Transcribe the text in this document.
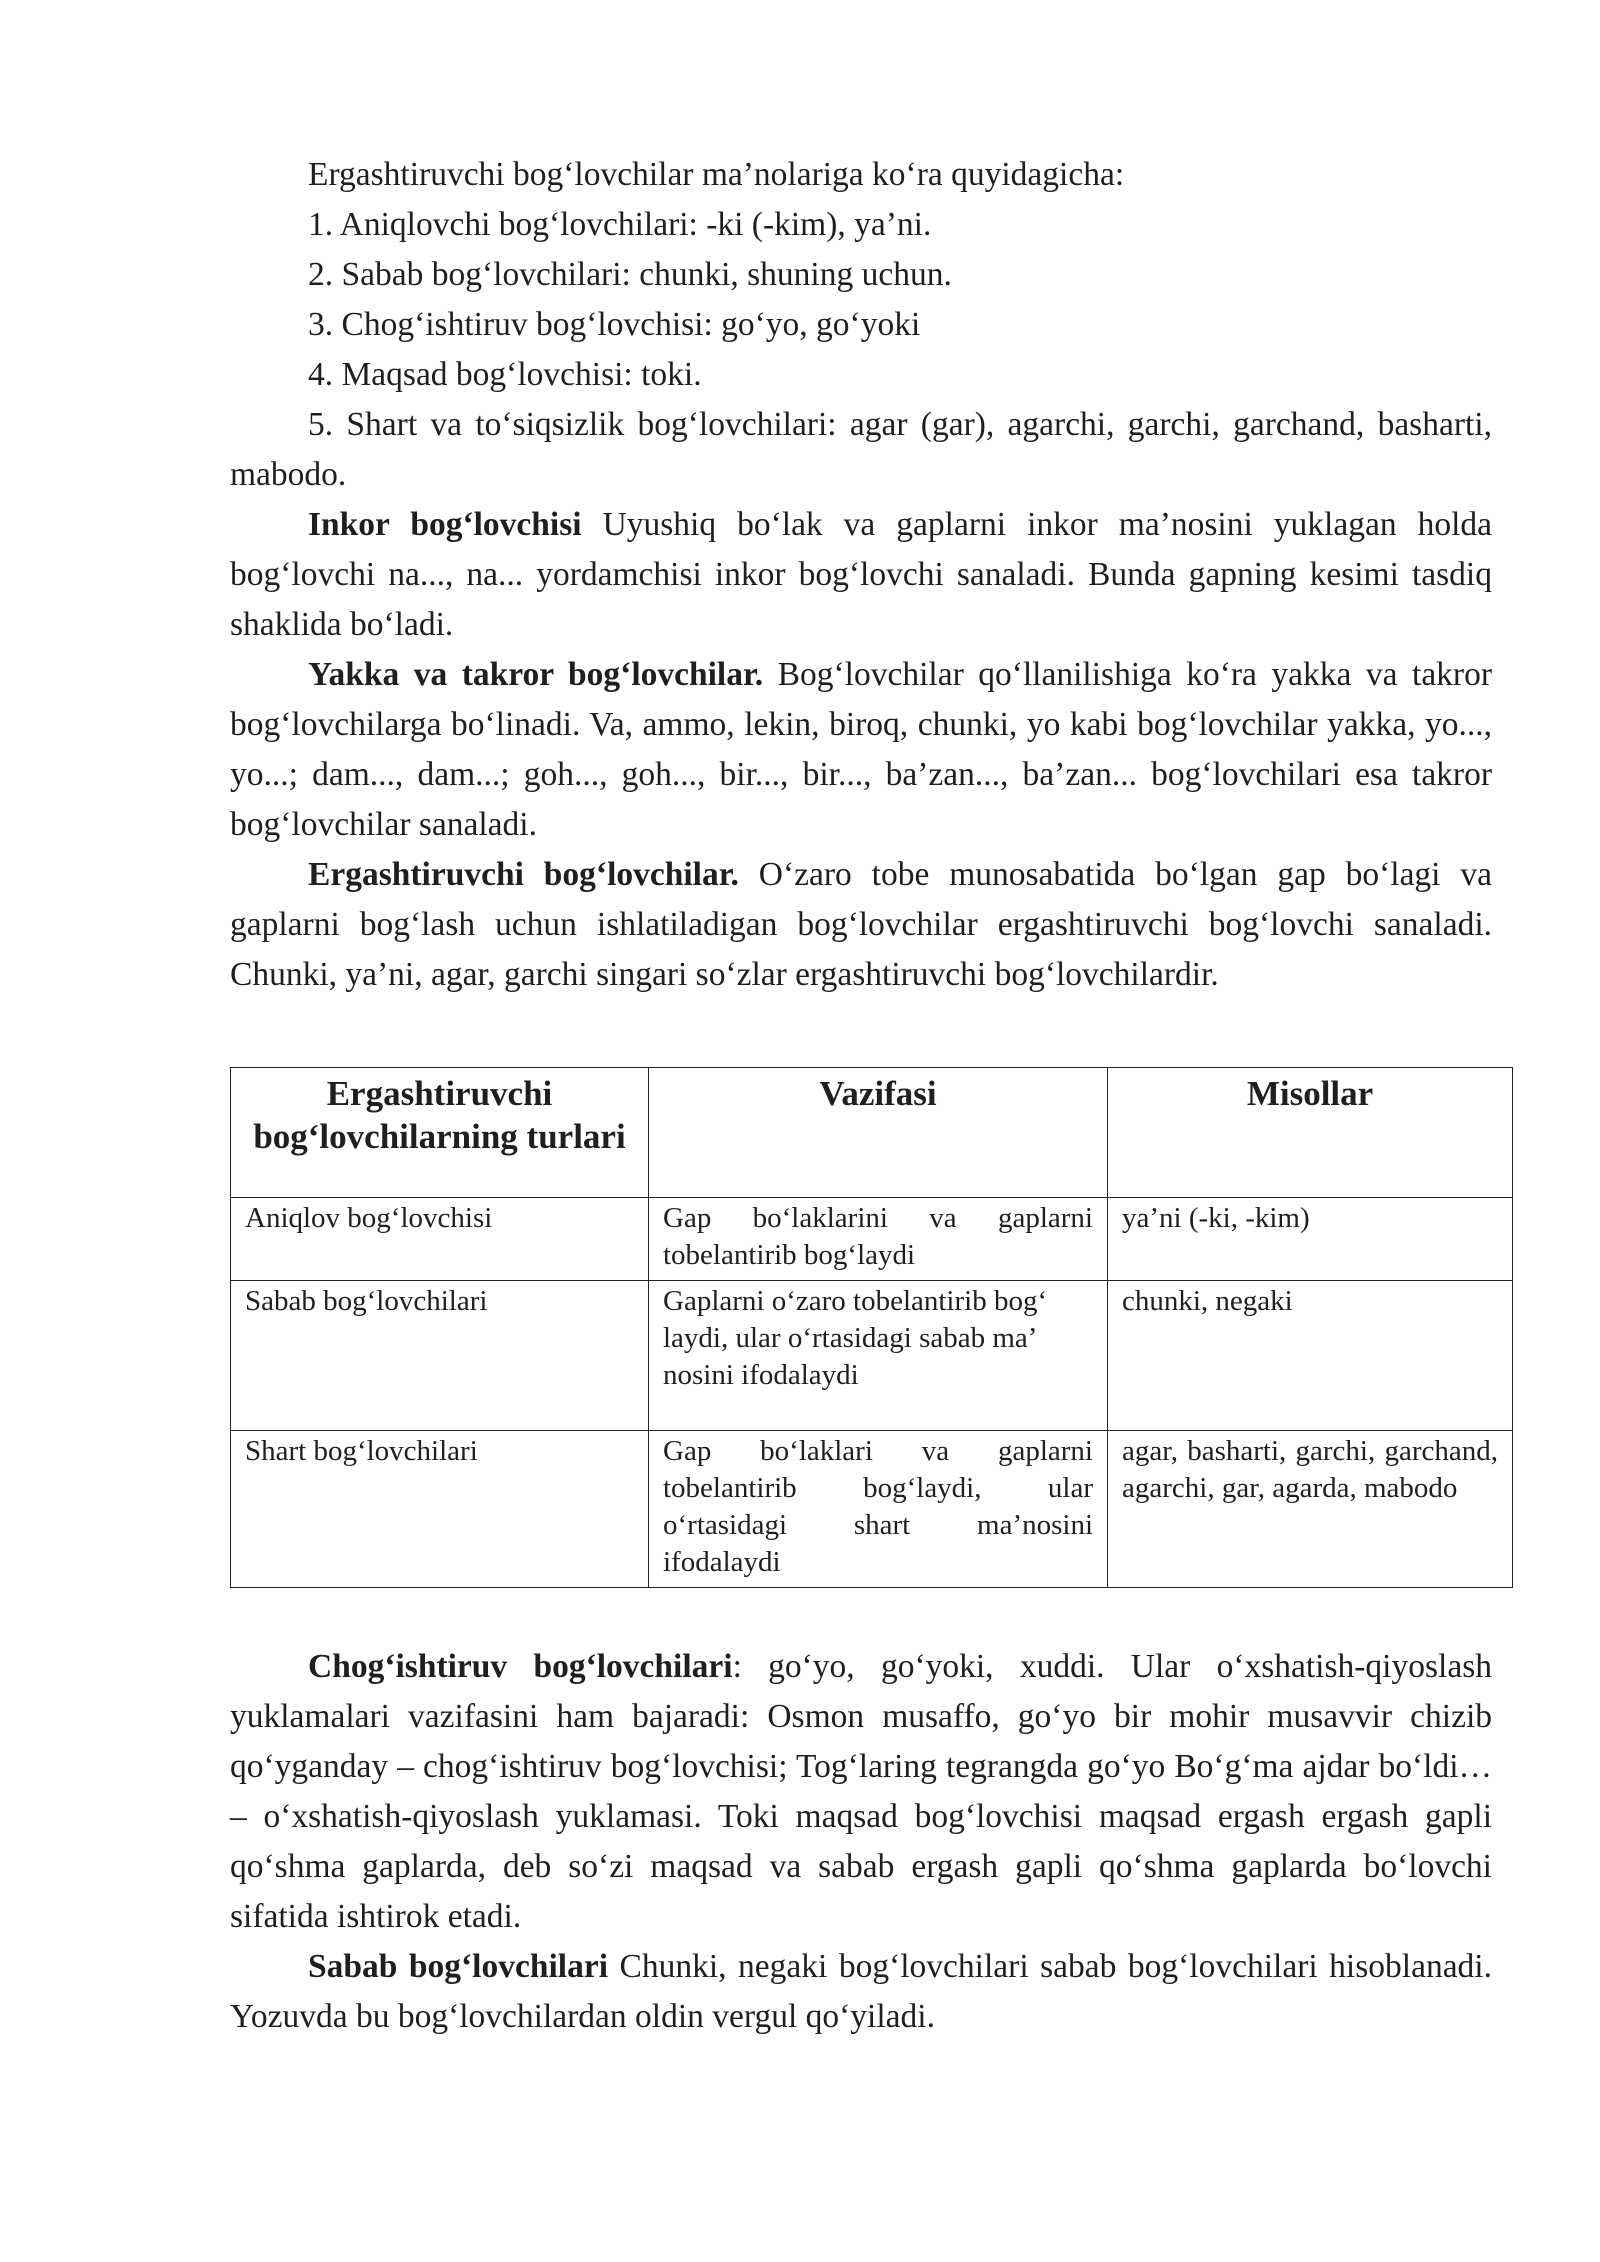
Ergashtiruvchi bog‘lovchilar ma’nolariga ko‘ra quyidagicha:

1. Aniqlovchi bog‘lovchilari: -ki (-kim), ya’ni.

2. Sabab bog‘lovchilari: chunki, shuning uchun.

3. Chog‘ishtiruv bog‘lovchisi: go‘yo, go‘yoki

4. Maqsad bog‘lovchisi: toki.

5. Shart va to‘siqsizlik bog‘lovchilari: agar (gar), agarchi, garchi, garchand, basharti, mabodo.

Inkor bog‘lovchisi Uyushiq bo‘lak va gaplarni inkor ma’nosini yuklagan holda bog‘lovchi na..., na... yordamchisi inkor bog‘lovchi sanaladi. Bunda gapning kesimi tasdiq shaklida bo‘ladi.

Yakka va takror bog‘lovchilar. Bog‘lovchilar qo‘llanilishiga ko‘ra yakka va takror bog‘lovchilarga bo‘linadi. Va, ammo, lekin, biroq, chunki, yo kabi bog‘lovchilar yakka, yo..., yo...; dam..., dam...; goh..., goh..., bir..., bir..., ba’zan..., ba’zan... bog‘lovchilari esa takror bog‘lovchilar sanaladi.

Ergashtiruvchi bog‘lovchilar. O‘zaro tobe munosabatida bo‘lgan gap bo‘lagi va gaplarni bog‘lash uchun ishlatiladigan bog‘lovchilar ergashtiruvchi bog‘lovchi sanaladi. Chunki, ya’ni, agar, garchi singari so‘zlar ergashtiruvchi bog‘lovchilardir.

Ergashtiruvchi bog‘lovchilarning turlari	Vazifasi	Misollar
Aniqlov bog‘lovchisi	Gap bo‘laklarini va gaplarni tobelantirib bog‘laydi	ya’ni (-ki, -kim)
Sabab bog‘lovchilari	Gaplarni o‘zaro tobelantirib bog‘ laydi, ular o‘rtasidagi sabab ma’ nosini ifodalaydi	chunki, negaki
Shart bog‘lovchilari	Gap bo‘laklari va gaplarni tobelantirib bog‘laydi, ular o‘rtasidagi shart ma’nosini ifodalaydi	agar, basharti, garchi, garchand, agarchi, gar, agarda, mabodo

Chog‘ishtiruv bog‘lovchilari: go‘yo, go‘yoki, xuddi. Ular o‘xshatish-qiyoslash yuklamalari vazifasini ham bajaradi: Osmon musaffo, go‘yo bir mohir musavvir chizib qo‘yganday – chog‘ishtiruv bog‘lovchisi; Tog‘laring tegrangda go‘yo Bo‘g‘ma ajdar bo‘ldi… – o‘xshatish-qiyoslash yuklamasi. Toki maqsad bog‘lovchisi maqsad ergash ergash gapli qo‘shma gaplarda, deb so‘zi maqsad va sabab ergash gapli qo‘shma gaplarda bo‘lovchi sifatida ishtirok etadi.

Sabab bog‘lovchilari Chunki, negaki bog‘lovchilari sabab bog‘lovchilari hisoblanadi. Yozuvda bu bog‘lovchilardan oldin vergul qo‘yiladi.
